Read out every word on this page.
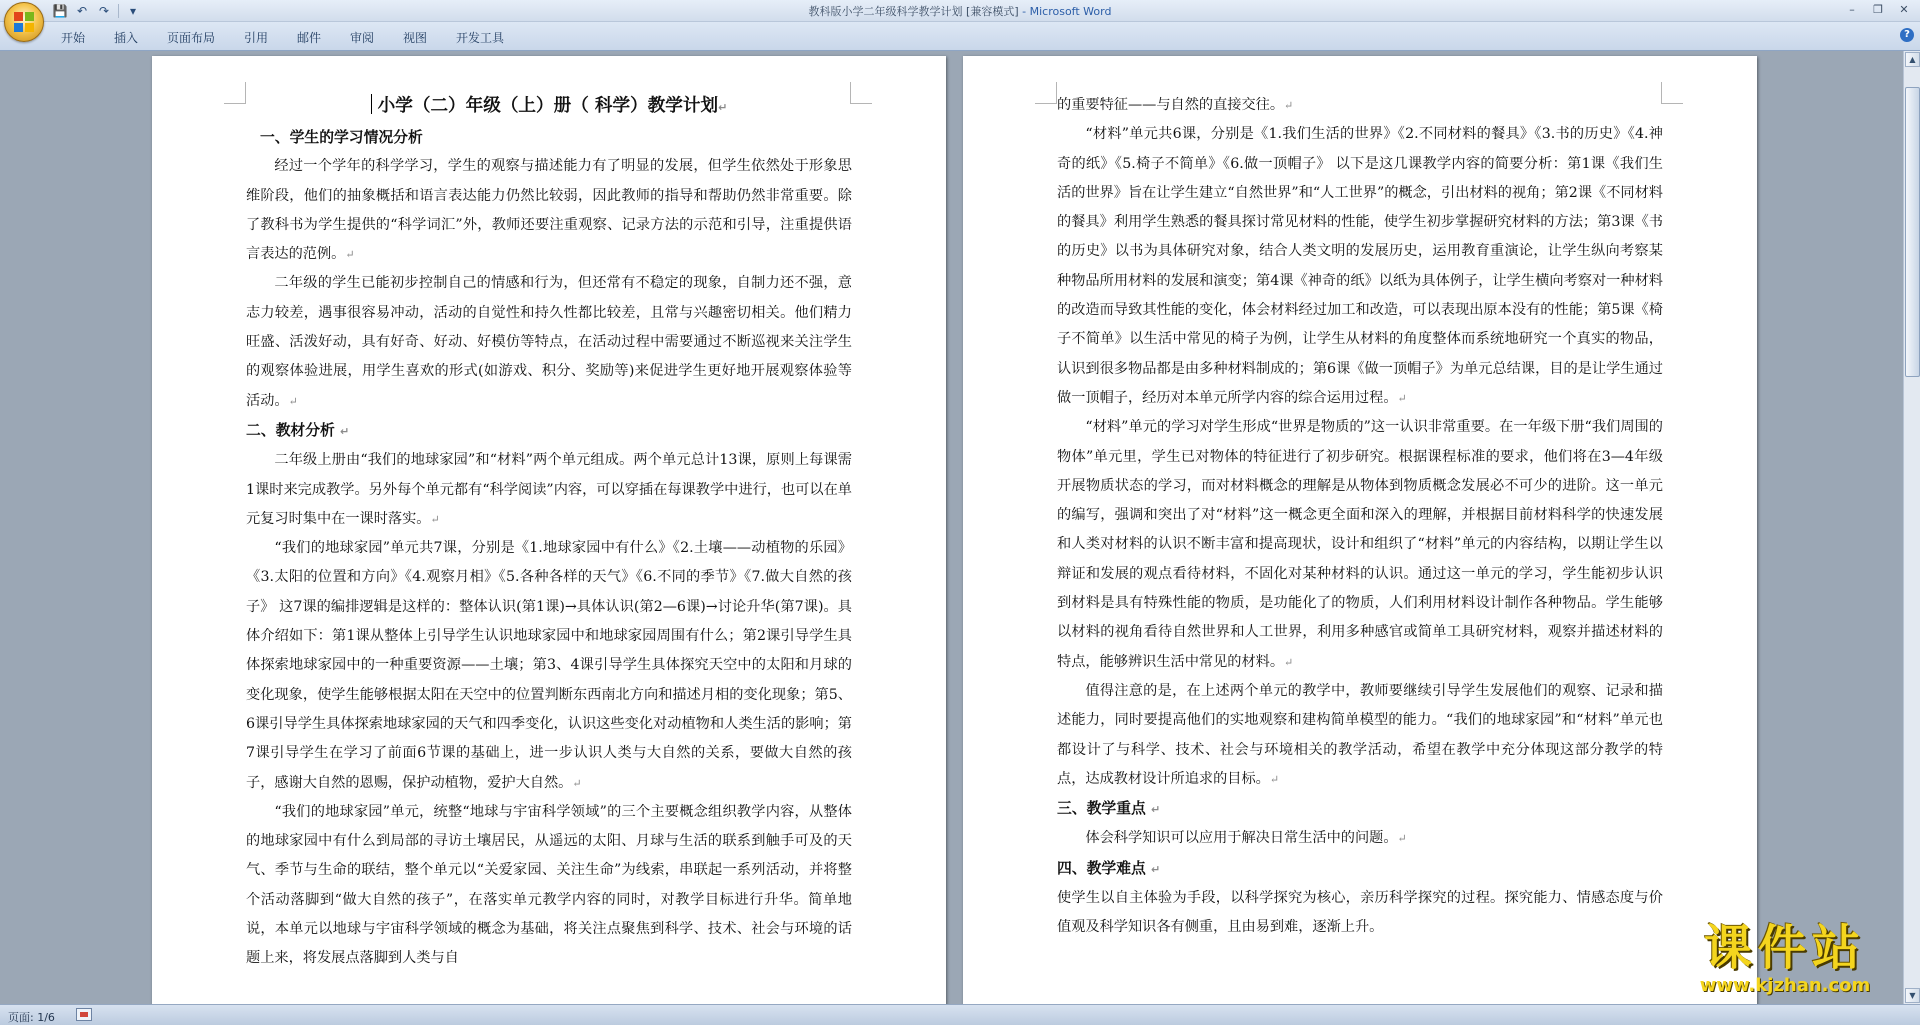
💾 ↶ ↷	▾	教科版小学二年级科学教学计划 [兼容模式] - Microsoft Word	–	❐	✕
开始 插入 页面布局 引用 邮件 审阅 视图 开发工具	?
小学（二）年级（上）册（ 科学）教学计划↵
一、学生的学习情况分析
经过一个学年的科学学习，学生的观察与描述能力有了明显的发展，但学生依然处于形象思维阶段，他们的抽象概括和语言表达能力仍然比较弱，因此教师的指导和帮助仍然非常重要。除了教科书为学生提供的“科学词汇”外，教师还要注重观察、记录方法的示范和引导，注重提供语言表达的范例。↵
二年级的学生已能初步控制自己的情感和行为，但还常有不稳定的现象，自制力还不强，意志力较差，遇事很容易冲动，活动的自觉性和持久性都比较差，且常与兴趣密切相关。他们精力旺盛、活泼好动，具有好奇、好动、好模仿等特点，在活动过程中需要通过不断巡视来关注学生的观察体验进展，用学生喜欢的形式(如游戏、积分、奖励等)来促进学生更好地开展观察体验等活动。↵
二、教材分析 ↵
二年级上册由“我们的地球家园”和“材料”两个单元组成。两个单元总计13课，原则上每课需1课时来完成教学。另外每个单元都有“科学阅读”内容，可以穿插在每课教学中进行，也可以在单元复习时集中在一课时落实。↵
“我们的地球家园”单元共7课，分别是《1.地球家园中有什么》《2.土壤——动植物的乐园》《3.太阳的位置和方向》《4.观察月相》《5.各种各样的天气》《6.不同的季节》《7.做大自然的孩子》 这7课的编排逻辑是这样的：整体认识(第1课)→具体认识(第2—6课)→讨论升华(第7课)。具体介绍如下：第1课从整体上引导学生认识地球家园中和地球家园周围有什么；第2课引导学生具体探索地球家园中的一种重要资源——土壤；第3、4课引导学生具体探究天空中的太阳和月球的变化现象，使学生能够根据太阳在天空中的位置判断东西南北方向和描述月相的变化现象；第5、6课引导学生具体探索地球家园的天气和四季变化，认识这些变化对动植物和人类生活的影响；第7课引导学生在学习了前面6节课的基础上，进一步认识人类与大自然的关系，要做大自然的孩子，感谢大自然的恩赐，保护动植物，爱护大自然。↵
“我们的地球家园”单元，统整“地球与宇宙科学领域”的三个主要概念组织教学内容，从整体的地球家园中有什么到局部的寻访土壤居民，从遥远的太阳、月球与生活的联系到触手可及的天气、季节与生命的联结，整个单元以“关爱家园、关注生命”为线索，串联起一系列活动，并将整个活动落脚到“做大自然的孩子”，在落实单元教学内容的同时，对教学目标进行升华。简单地说，本单元以地球与宇宙科学领域的概念为基础，将关注点聚焦到科学、技术、社会与环境的话题上来，将发展点落脚到人类与自
的重要特征——与自然的直接交往。↵
“材料”单元共6课，分别是《1.我们生活的世界》《2.不同材料的餐具》《3.书的历史》《4.神奇的纸》《5.椅子不简单》《6.做一顶帽子》 以下是这几课教学内容的简要分析：第1课《我们生活的世界》旨在让学生建立“自然世界”和“人工世界”的概念，引出材料的视角；第2课《不同材料的餐具》利用学生熟悉的餐具探讨常见材料的性能，使学生初步掌握研究材料的方法；第3课《书的历史》以书为具体研究对象，结合人类文明的发展历史，运用教育重演论，让学生纵向考察某种物品所用材料的发展和演变；第4课《神奇的纸》以纸为具体例子，让学生横向考察对一种材料的改造而导致其性能的变化，体会材料经过加工和改造，可以表现出原本没有的性能；第5课《椅子不简单》以生活中常见的椅子为例，让学生从材料的角度整体而系统地研究一个真实的物品，认识到很多物品都是由多种材料制成的；第6课《做一顶帽子》为单元总结课，目的是让学生通过做一顶帽子，经历对本单元所学内容的综合运用过程。↵
“材料”单元的学习对学生形成“世界是物质的”这一认识非常重要。在一年级下册“我们周围的物体”单元里，学生已对物体的特征进行了初步研究。根据课程标准的要求，他们将在3—4年级开展物质状态的学习，而对材料概念的理解是从物体到物质概念发展必不可少的进阶。这一单元的编写，强调和突出了对“材料”这一概念更全面和深入的理解，并根据目前材料科学的快速发展和人类对材料的认识不断丰富和提高现状，设计和组织了“材料”单元的内容结构，以期让学生以辩证和发展的观点看待材料，不固化对某种材料的认识。通过这一单元的学习，学生能初步认识到材料是具有特殊性能的物质，是功能化了的物质，人们利用材料设计制作各种物品。学生能够以材料的视角看待自然世界和人工世界，利用多种感官或简单工具研究材料，观察并描述材料的特点，能够辨识生活中常见的材料。↵
值得注意的是，在上述两个单元的教学中，教师要继续引导学生发展他们的观察、记录和描述能力，同时要提高他们的实地观察和建构简单模型的能力。“我们的地球家园”和“材料”单元也都设计了与科学、技术、社会与环境相关的教学活动，希望在教学中充分体现这部分教学的特点，达成教材设计所追求的目标。↵
三、教学重点 ↵
体会科学知识可以应用于解决日常生活中的问题。↵
四、教学难点 ↵
使学生以自主体验为手段，以科学探究为核心，亲历科学探究的过程。探究能力、情感态度与价值观及科学知识各有侧重，且由易到难，逐渐上升。
▲
▼
页面: 1/6
课件站
www.kjzhan.com
